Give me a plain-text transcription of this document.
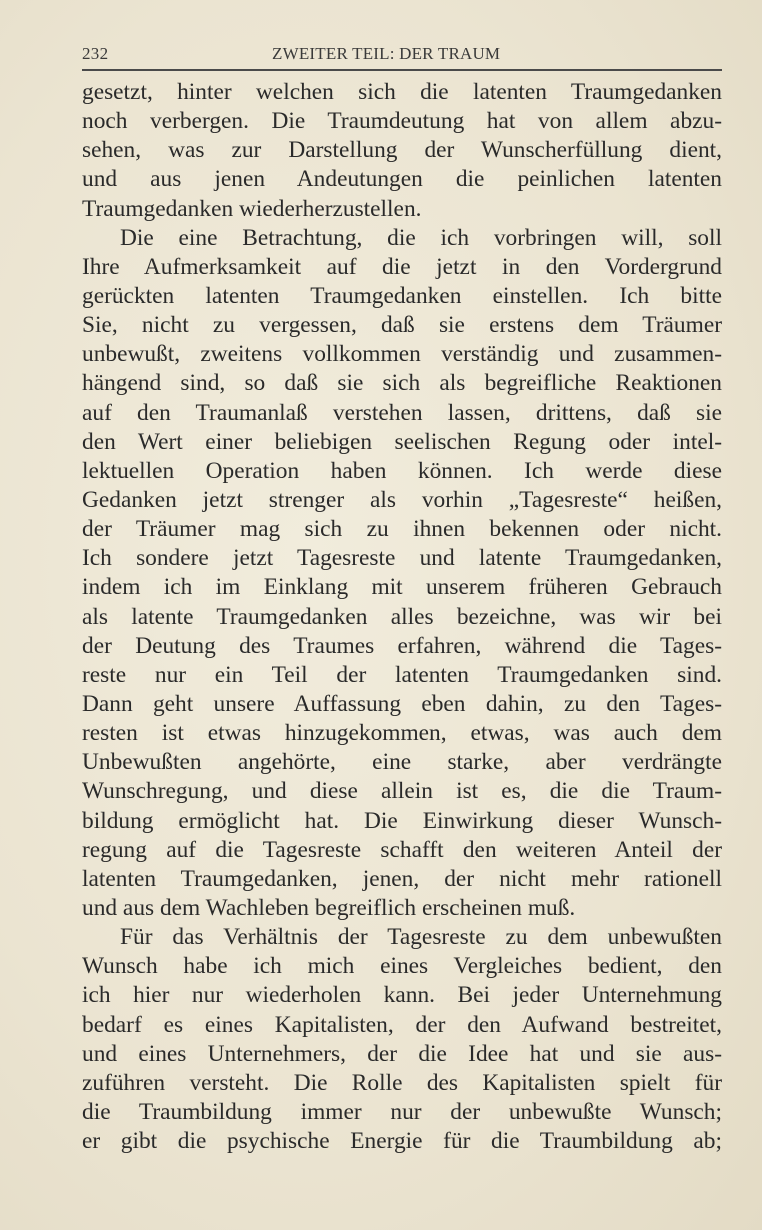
232	ZWEITER TEIL: DER TRAUM
gesetzt, hinter welchen sich die latenten Traumgedanken
noch verbergen. Die Traumdeutung hat von allem abzu-
sehen, was zur Darstellung der Wunscherfüllung dient,
und aus jenen Andeutungen die peinlichen latenten
Traumgedanken wiederherzustellen.
Die eine Betrachtung, die ich vorbringen will, soll
Ihre Aufmerksamkeit auf die jetzt in den Vordergrund
gerückten latenten Traumgedanken einstellen. Ich bitte
Sie, nicht zu vergessen, daß sie erstens dem Träumer
unbewußt, zweitens vollkommen verständig und zusammen-
hängend sind, so daß sie sich als begreifliche Reaktionen
auf den Traumanlaß verstehen lassen, drittens, daß sie
den Wert einer beliebigen seelischen Regung oder intel-
lektuellen Operation haben können. Ich werde diese
Gedanken jetzt strenger als vorhin „Tagesreste“ heißen,
der Träumer mag sich zu ihnen bekennen oder nicht.
Ich sondere jetzt Tagesreste und latente Traumgedanken,
indem ich im Einklang mit unserem früheren Gebrauch
als latente Traumgedanken alles bezeichne, was wir bei
der Deutung des Traumes erfahren, während die Tages-
reste nur ein Teil der latenten Traumgedanken sind.
Dann geht unsere Auffassung eben dahin, zu den Tages-
resten ist etwas hinzugekommen, etwas, was auch dem
Unbewußten angehörte, eine starke, aber verdrängte
Wunschregung, und diese allein ist es, die die Traum-
bildung ermöglicht hat. Die Einwirkung dieser Wunsch-
regung auf die Tagesreste schafft den weiteren Anteil der
latenten Traumgedanken, jenen, der nicht mehr rationell
und aus dem Wachleben begreiflich erscheinen muß.
Für das Verhältnis der Tagesreste zu dem unbewußten
Wunsch habe ich mich eines Vergleiches bedient, den
ich hier nur wiederholen kann. Bei jeder Unternehmung
bedarf es eines Kapitalisten, der den Aufwand bestreitet,
und eines Unternehmers, der die Idee hat und sie aus-
zuführen versteht. Die Rolle des Kapitalisten spielt für
die Traumbildung immer nur der unbewußte Wunsch;
er gibt die psychische Energie für die Traumbildung ab;
